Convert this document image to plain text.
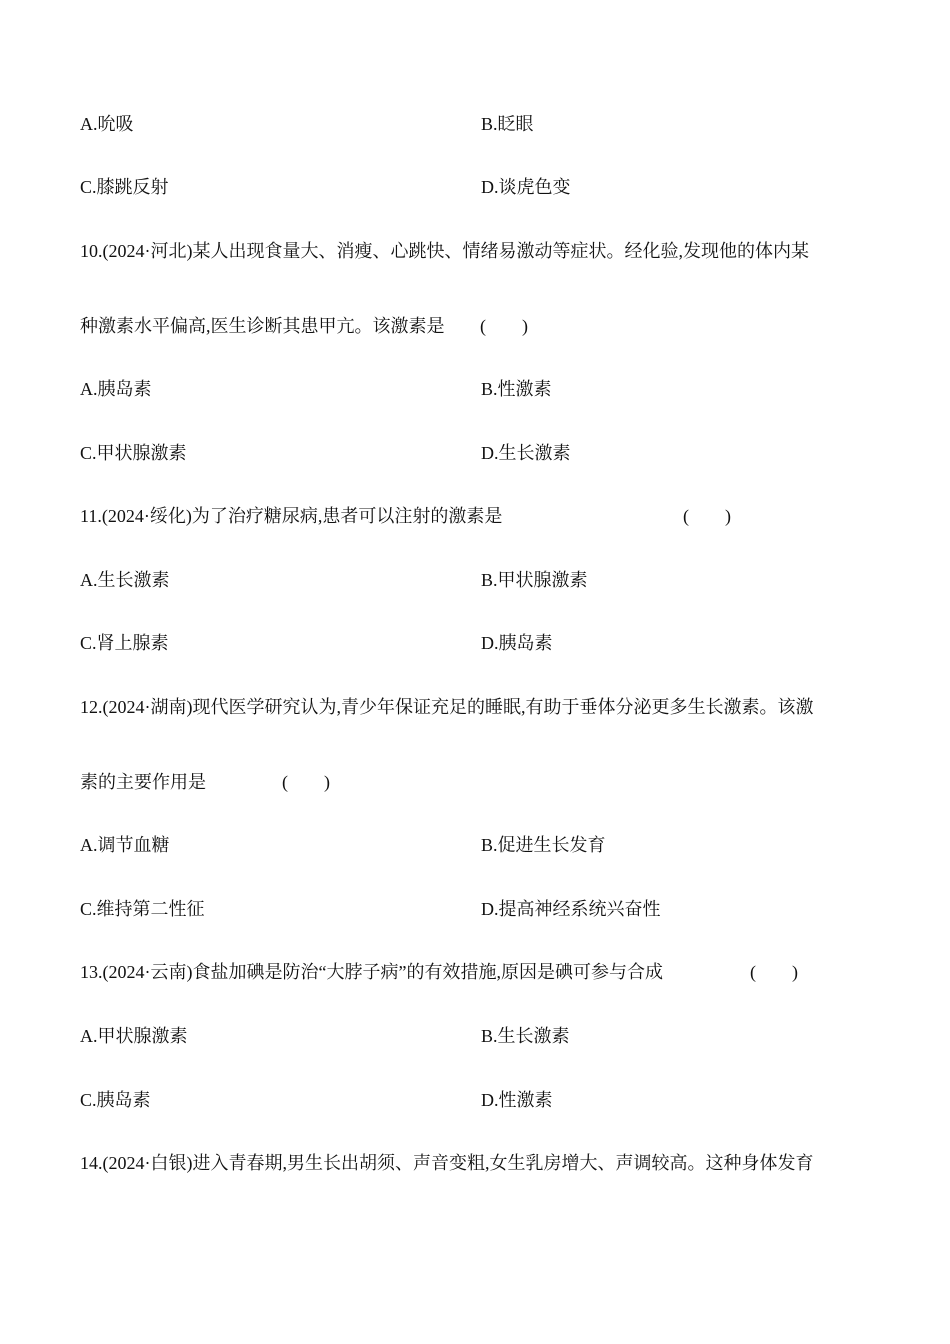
A.吮吸	B.眨眼
C.膝跳反射	D.谈虎色变
10.(2024·河北)某人出现食量大、消瘦、心跳快、情绪易激动等症状。经化验,发现他的体内某
种激素水平偏高,医生诊断其患甲亢。该激素是 (　　)
A.胰岛素	B.性激素
C.甲状腺激素	D.生长激素
11.(2024·绥化)为了治疗糖尿病,患者可以注射的激素是	(　　)
A.生长激素	B.甲状腺激素
C.肾上腺素	D.胰岛素
12.(2024·湖南)现代医学研究认为,青少年保证充足的睡眠,有助于垂体分泌更多生长激素。该激
素的主要作用是	(　　)
A.调节血糖	B.促进生长发育
C.维持第二性征	D.提高神经系统兴奋性
13.(2024·云南)食盐加碘是防治“大脖子病”的有效措施,原因是碘可参与合成	(　　)
A.甲状腺激素	B.生长激素
C.胰岛素	D.性激素
14.(2024·白银)进入青春期,男生长出胡须、声音变粗,女生乳房增大、声调较高。这种身体发育
